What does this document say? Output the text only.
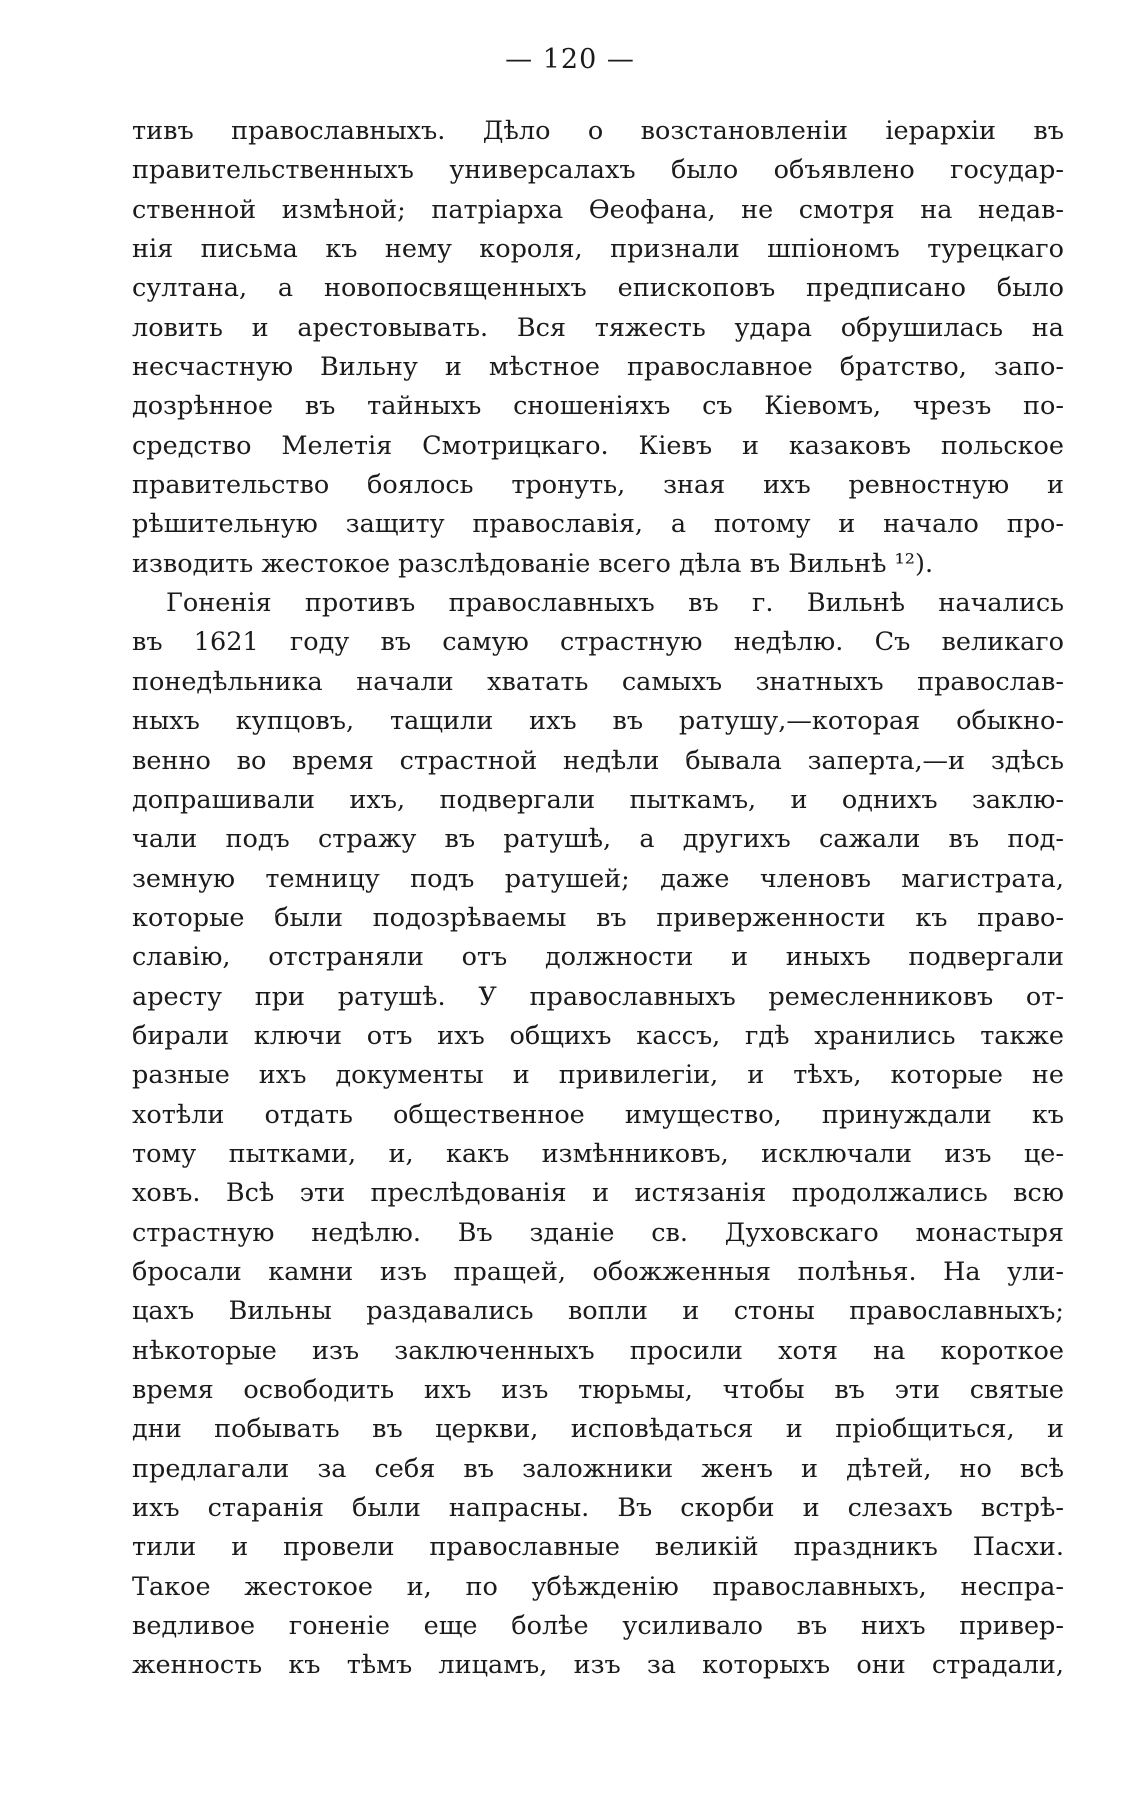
— 120 —

тивъ православныхъ. Дѣло о возстановленіи іерархіи въ
правительственныхъ универсалахъ было объявлено государ-
ственной измѣной; патріарха Ѳеофана, не смотря на недав-
нія письма къ нему короля, признали шпіономъ турецкаго
султана, а новопосвященныхъ епископовъ предписано было
ловить и арестовывать. Вся тяжесть удара обрушилась на
несчастную Вильну и мѣстное православное братство, запо-
дозрѣнное въ тайныхъ сношеніяхъ съ Кіевомъ, чрезъ по-
средство Мелетія Смотрицкаго. Кіевъ и казаковъ польское
правительство боялось тронуть, зная ихъ ревностную и
рѣшительную защиту православія, а потому и начало про-
изводить жестокое разслѣдованіе всего дѣла въ Вильнѣ ¹²).
Гоненія противъ православныхъ въ г. Вильнѣ начались
въ 1621 году въ самую страстную недѣлю. Съ великаго
понедѣльника начали хватать самыхъ знатныхъ православ-
ныхъ купцовъ, тащили ихъ въ ратушу,—которая обыкно-
венно во время страстной недѣли бывала заперта,—и здѣсь
допрашивали ихъ, подвергали пыткамъ, и однихъ заклю-
чали подъ стражу въ ратушѣ, а другихъ сажали въ под-
земную темницу подъ ратушей; даже членовъ магистрата,
которые были подозрѣваемы въ приверженности къ право-
славію, отстраняли отъ должности и иныхъ подвергали
аресту при ратушѣ. У православныхъ ремесленниковъ от-
бирали ключи отъ ихъ общихъ кассъ, гдѣ хранились также
разные ихъ документы и привилегіи, и тѣхъ, которые не
хотѣли отдать общественное имущество, принуждали къ
тому пытками, и, какъ измѣнниковъ, исключали изъ це-
ховъ. Всѣ эти преслѣдованія и истязанія продолжались всю
страстную недѣлю. Въ зданіе св. Духовскаго монастыря
бросали камни изъ пращей, обожженныя полѣнья. На ули-
цахъ Вильны раздавались вопли и стоны православныхъ;
нѣкоторые изъ заключенныхъ просили хотя на короткое
время освободить ихъ изъ тюрьмы, чтобы въ эти святые
дни побывать въ церкви, исповѣдаться и пріобщиться, и
предлагали за себя въ заложники женъ и дѣтей, но всѣ
ихъ старанія были напрасны. Въ скорби и слезахъ встрѣ-
тили и провели православные великій праздникъ Пасхи.
Такое жестокое и, по убѣжденію православныхъ, неспра-
ведливое гоненіе еще болѣе усиливало въ нихъ привер-
женность къ тѣмъ лицамъ, изъ за которыхъ они страдали,
